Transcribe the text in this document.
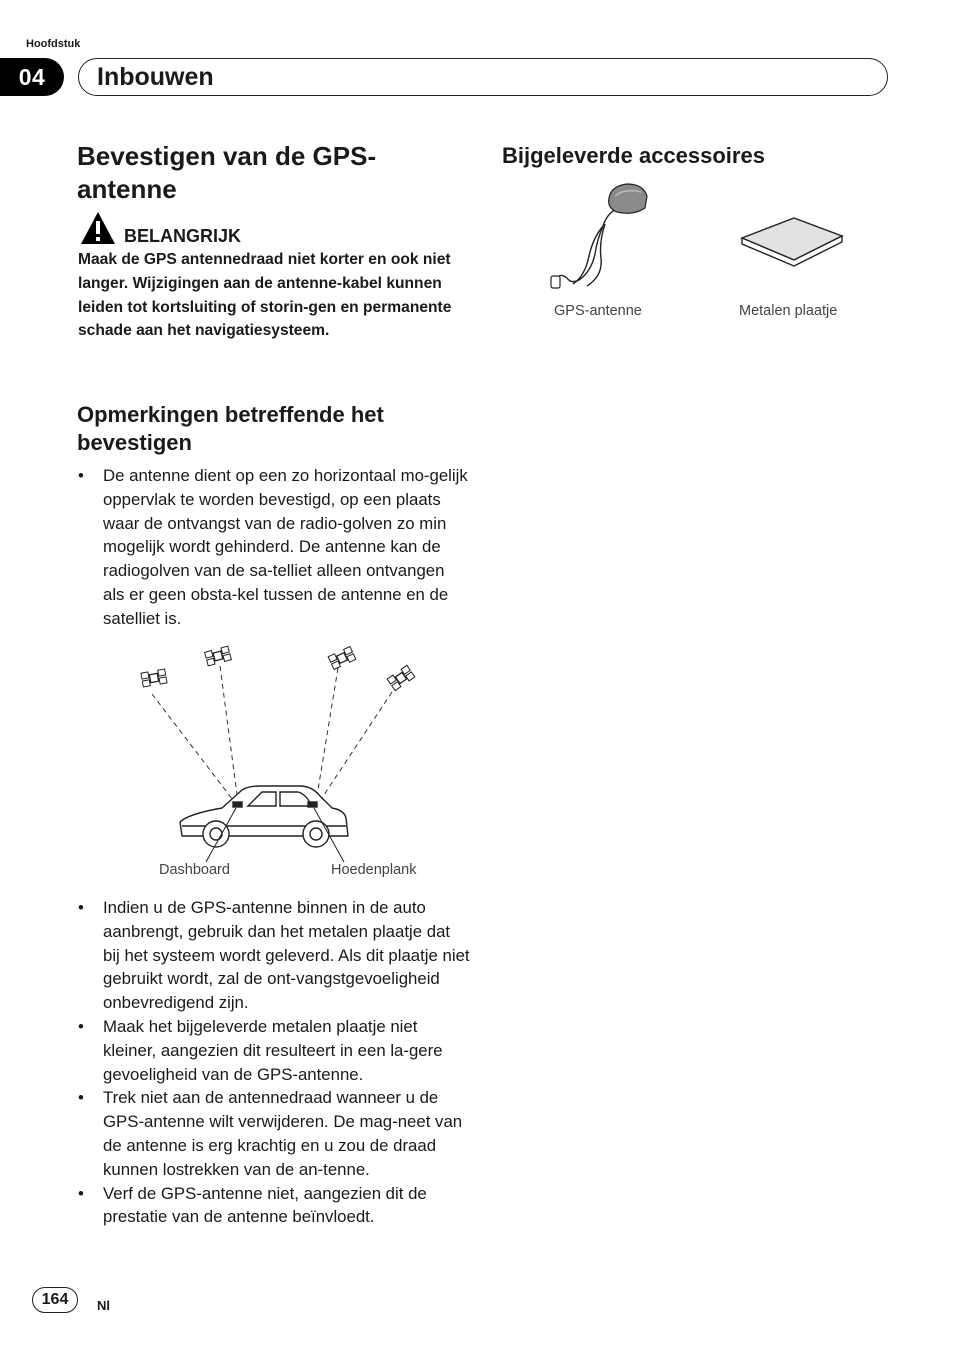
Hoofdstuk
04	Inbouwen
Bevestigen van de GPS-antenne
BELANGRIJK
Maak de GPS antennedraad niet korter en ook niet langer. Wijzigingen aan de antenne-kabel kunnen leiden tot kortsluiting of storin-gen en permanente schade aan het navigatiesysteem.
Opmerkingen betreffende het bevestigen
• De antenne dient op een zo horizontaal mo-gelijk oppervlak te worden bevestigd, op een plaats waar de ontvangst van de radio-golven zo min mogelijk wordt gehinderd. De antenne kan de radiogolven van de sa-telliet alleen ontvangen als er geen obsta-kel tussen de antenne en de satelliet is.
Dashboard	Hoedenplank
• Indien u de GPS-antenne binnen in de auto aanbrengt, gebruik dan het metalen plaatje dat bij het systeem wordt geleverd. Als dit plaatje niet gebruikt wordt, zal de ont-vangstgevoeligheid onbevredigend zijn.
• Maak het bijgeleverde metalen plaatje niet kleiner, aangezien dit resulteert in een la-gere gevoeligheid van de GPS-antenne.
• Trek niet aan de antennedraad wanneer u de GPS-antenne wilt verwijderen. De mag-neet van de antenne is erg krachtig en u zou de draad kunnen lostrekken van de an-tenne.
• Verf de GPS-antenne niet, aangezien dit de prestatie van de antenne beïnvloedt.
Bijgeleverde accessoires
GPS-antenne	Metalen plaatje
164	Nl
